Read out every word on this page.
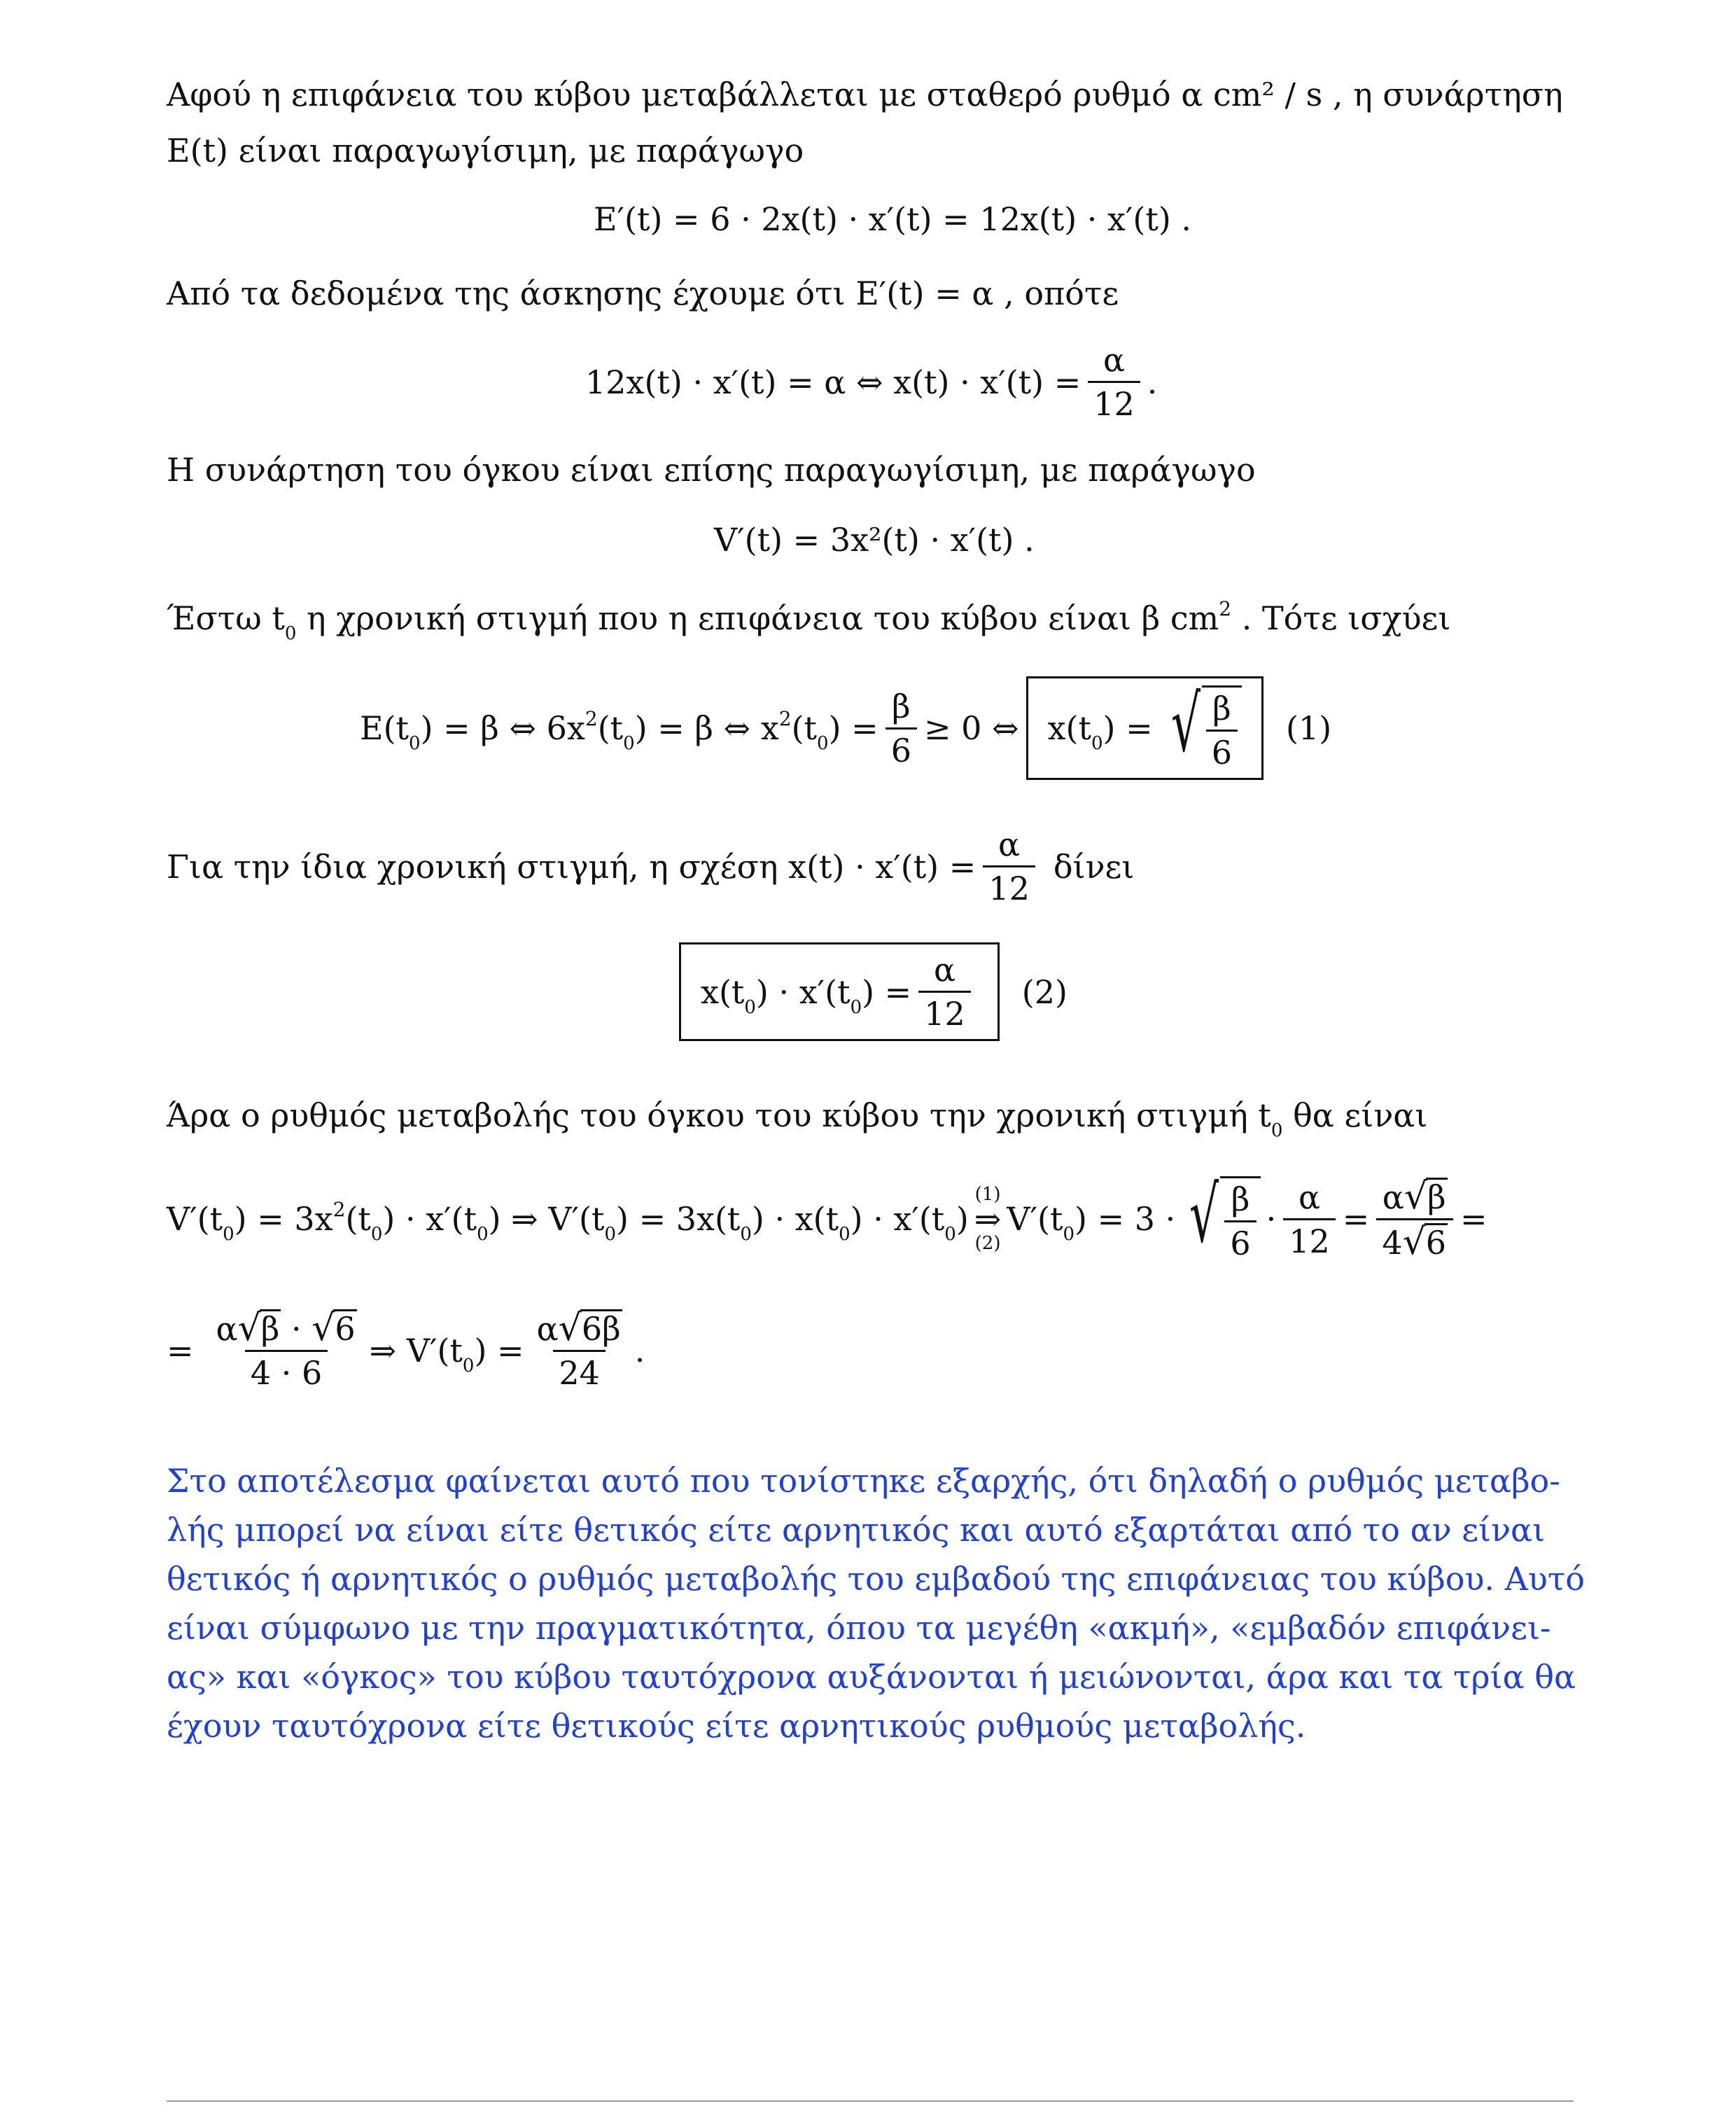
Αφού η επιφάνεια του κύβου μεταβάλλεται με σταθερό ρυθμό α cm² / s , η συνάρτηση
E(t) είναι παραγωγίσιμη, με παράγωγο
E′(t) = 6 · 2x(t) · x′(t) = 12x(t) · x′(t) .
Από τα δεδομένα της άσκησης έχουμε ότι E′(t) = α , οπότε
12x(t) · x′(t) = α ⇔ $x(t) \cdot x'(t) = \frac{\alpha}{12}$ .
Η συνάρτηση του όγκου είναι επίσης παραγωγίσιμη, με παράγωγο
V′(t) = 3x²(t) · x′(t) .
Έστω $t_0$ η χρονική στιγμή που η επιφάνεια του κύβου είναι β $cm^2$ . Τότε ισχύει
$E(t_0) = \beta$ ⇔ $6x^2(t_0) = \beta$ ⇔ $x^2(t_0) = \frac{\beta}{6} \ge 0$ ⇔ $x(t_0)$ = √ $\frac{\beta}{6} (1)$
Για την ίδια χρονική στιγμή, η σχέση $x(t) \cdot x'(t) = \frac{\alpha}{12}$ δίνει
$x(t_0) \cdot x'(t_0) = \frac{\alpha}{12} (2)$
Άρα ο ρυθμός μεταβολής του όγκου του κύβου την χρονική στιγμή $t_0$ θα είναι
$V'(t_0) = 3x^2(t_0) \cdot x'(t_0)$ ⇒ $V'(t_0) = 3x(t_0) \cdot x(t_0) \cdot x'(t_0)$
(1)
⇒
(2)
$V'(t_0) = 3$ · √ $\frac{\beta}{6} \cdot \frac{\alpha}{12} = \frac{\alpha √ \beta}{4 √ 6}$ =
= $\frac{\alpha √ \beta \cdot √ 6}{4 \cdot 6}$ ⇒ $V'(t_0) = \frac{\alpha √ 6\beta}{24}$ .
Στο αποτέλεσμα φαίνεται αυτό που τονίστηκε εξαρχής, ότι δηλαδή ο ρυθμός μεταβο-
λής μπορεί να είναι είτε θετικός είτε αρνητικός και αυτό εξαρτάται από το αν είναι
θετικός ή αρνητικός ο ρυθμός μεταβολής του εμβαδού της επιφάνειας του κύβου. Αυτό
είναι σύμφωνο με την πραγματικότητα, όπου τα μεγέθη «ακμή», «εμβαδόν επιφάνει-
ας» και «όγκος» του κύβου ταυτόχρονα αυξάνονται ή μειώνονται, άρα και τα τρία θα
έχουν ταυτόχρονα είτε θετικούς είτε αρνητικούς ρυθμούς μεταβολής.
